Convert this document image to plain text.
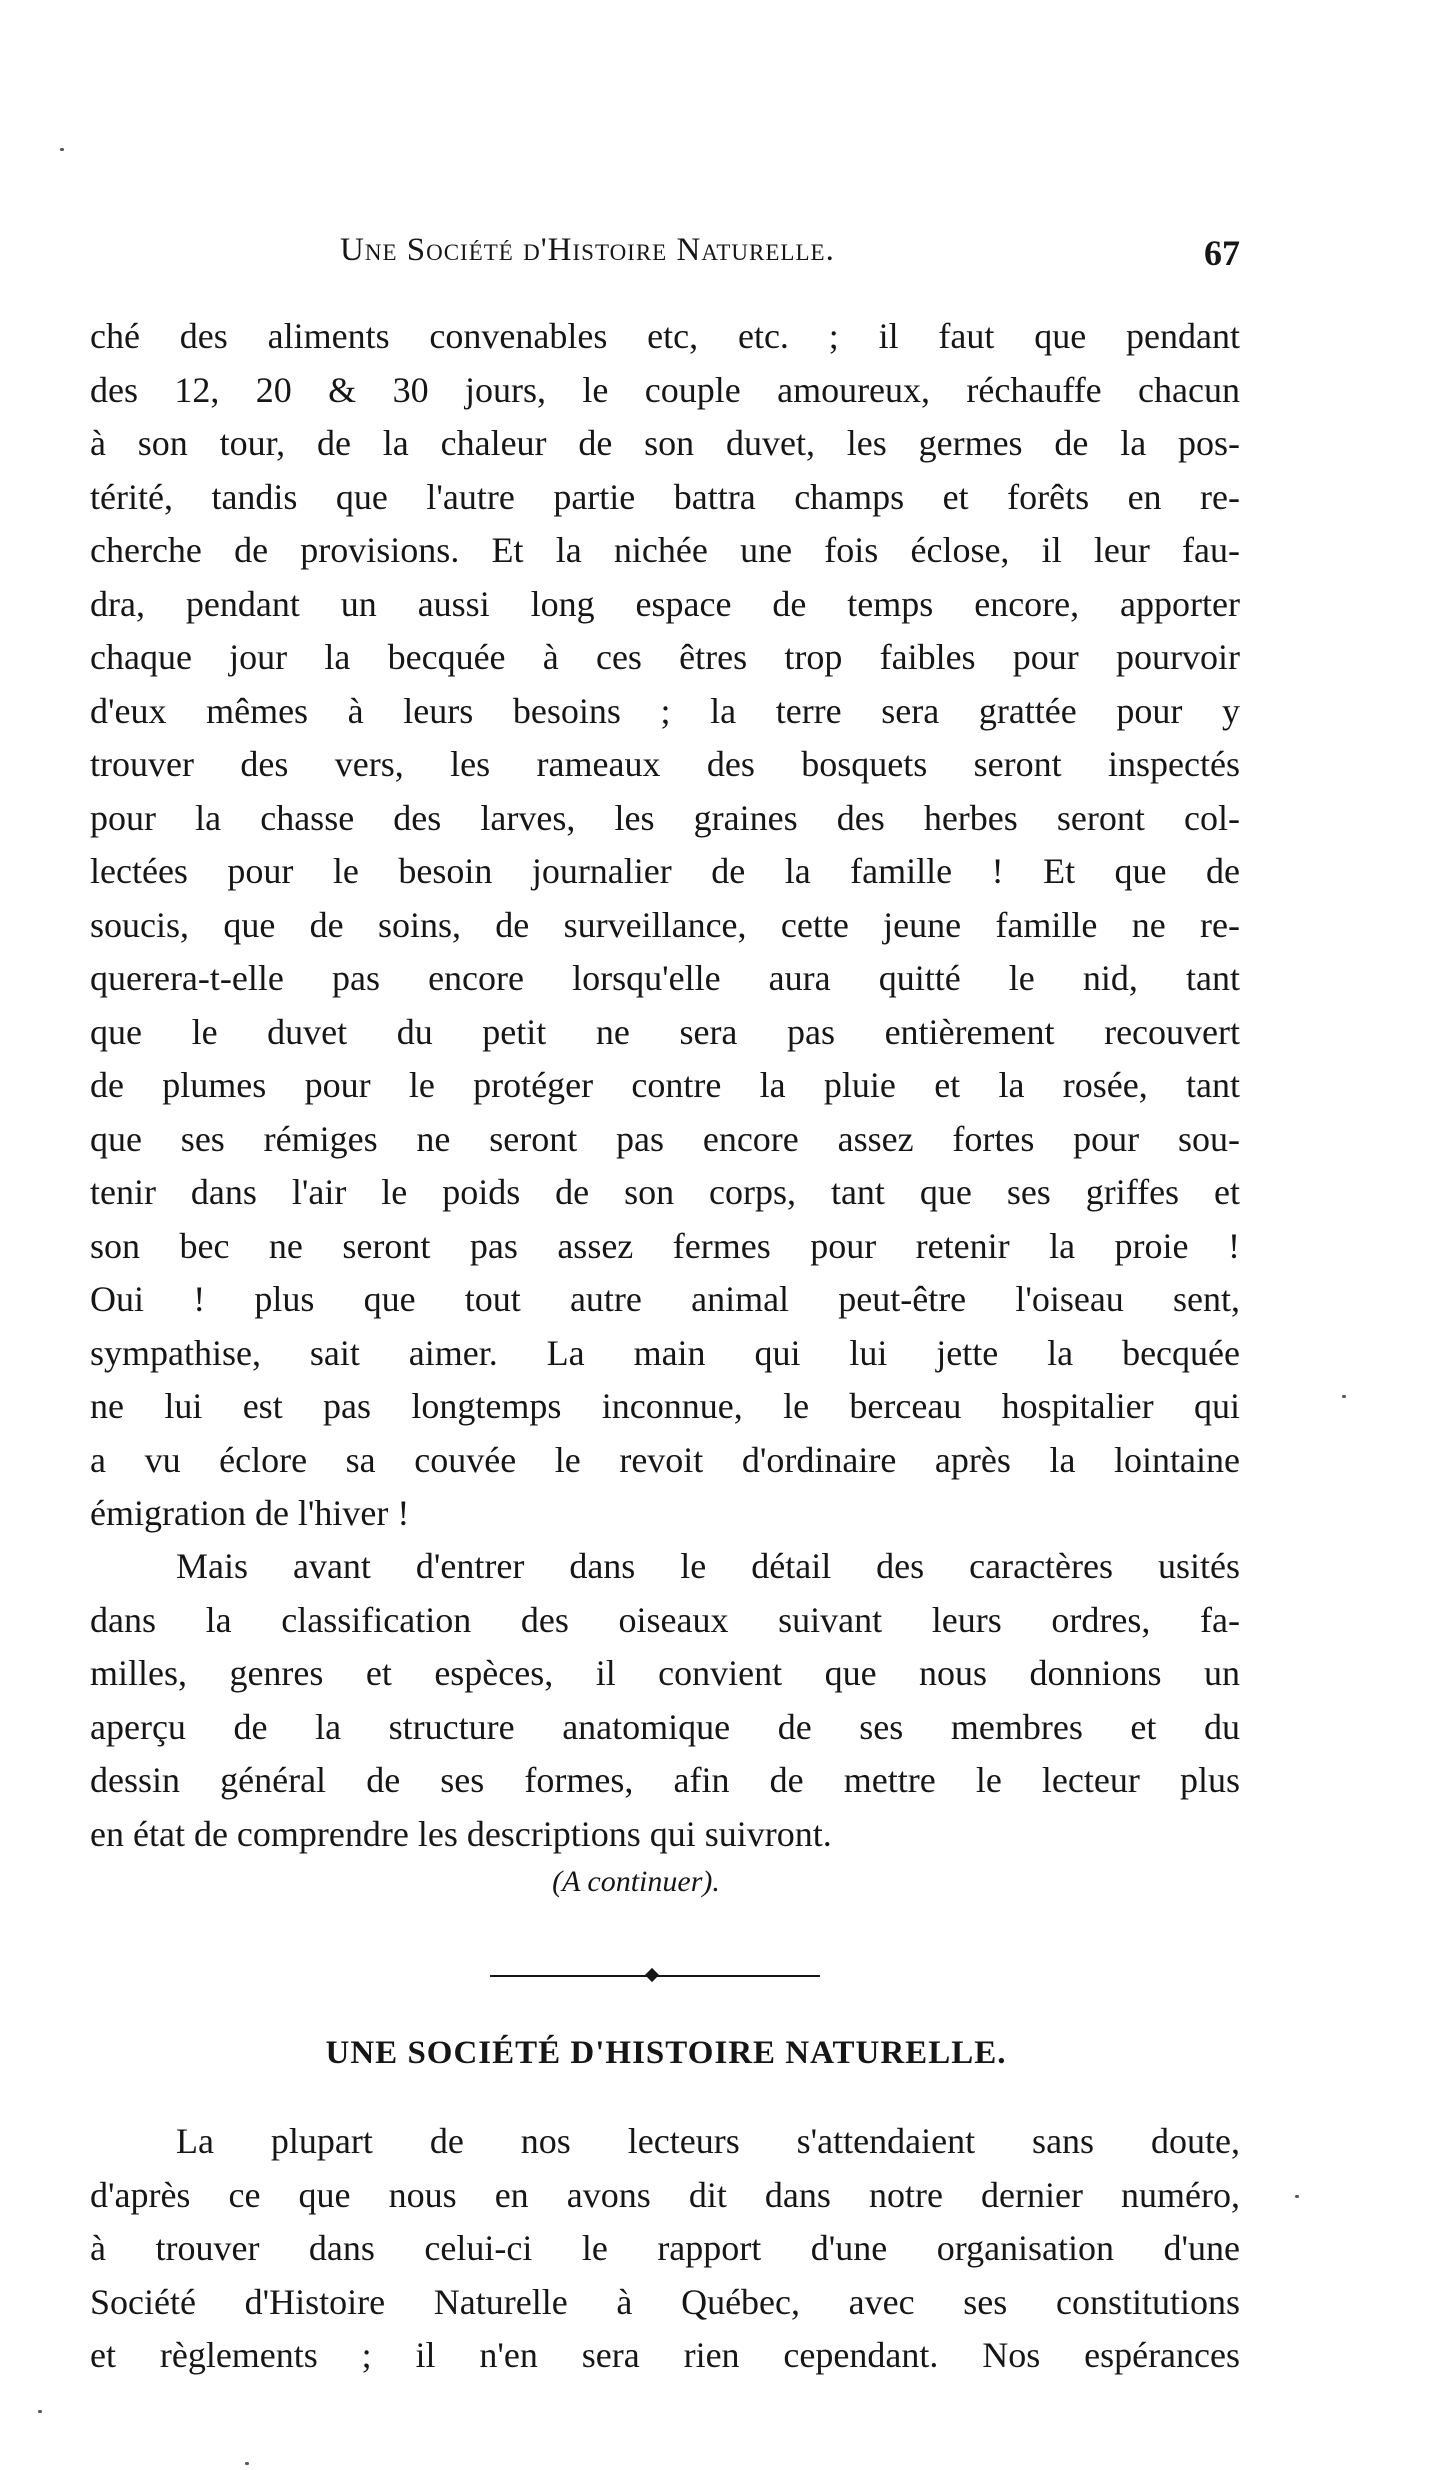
Une Société d'Histoire Naturelle.	67
ché des aliments convenables etc, etc. ; il faut que pendant
des 12, 20 & 30 jours, le couple amoureux, réchauffe chacun
à son tour, de la chaleur de son duvet, les germes de la pos-
térité, tandis que l'autre partie battra champs et forêts en re-
cherche de provisions. Et la nichée une fois éclose, il leur fau-
dra, pendant un aussi long espace de temps encore, apporter
chaque jour la becquée à ces êtres trop faibles pour pourvoir
d'eux mêmes à leurs besoins ; la terre sera grattée pour y
trouver des vers, les rameaux des bosquets seront inspectés
pour la chasse des larves, les graines des herbes seront col-
lectées pour le besoin journalier de la famille ! Et que de
soucis, que de soins, de surveillance, cette jeune famille ne re-
querera-t-elle pas encore lorsqu'elle aura quitté le nid, tant
que le duvet du petit ne sera pas entièrement recouvert
de plumes pour le protéger contre la pluie et la rosée, tant
que ses rémiges ne seront pas encore assez fortes pour sou-
tenir dans l'air le poids de son corps, tant que ses griffes et
son bec ne seront pas assez fermes pour retenir la proie !
Oui ! plus que tout autre animal peut-être l'oiseau sent,
sympathise, sait aimer. La main qui lui jette la becquée
ne lui est pas longtemps inconnue, le berceau hospitalier qui
a vu éclore sa couvée le revoit d'ordinaire après la lointaine
émigration de l'hiver !
Mais avant d'entrer dans le détail des caractères usités
dans la classification des oiseaux suivant leurs ordres, fa-
milles, genres et espèces, il convient que nous donnions un
aperçu de la structure anatomique de ses membres et du
dessin général de ses formes, afin de mettre le lecteur plus
en état de comprendre les descriptions qui suivront.
(A continuer).
UNE SOCIÉTÉ D'HISTOIRE NATURELLE.
La plupart de nos lecteurs s'attendaient sans doute,
d'après ce que nous en avons dit dans notre dernier numéro,
à trouver dans celui-ci le rapport d'une organisation d'une
Société d'Histoire Naturelle à Québec, avec ses constitutions
et règlements ; il n'en sera rien cependant. Nos espérances
